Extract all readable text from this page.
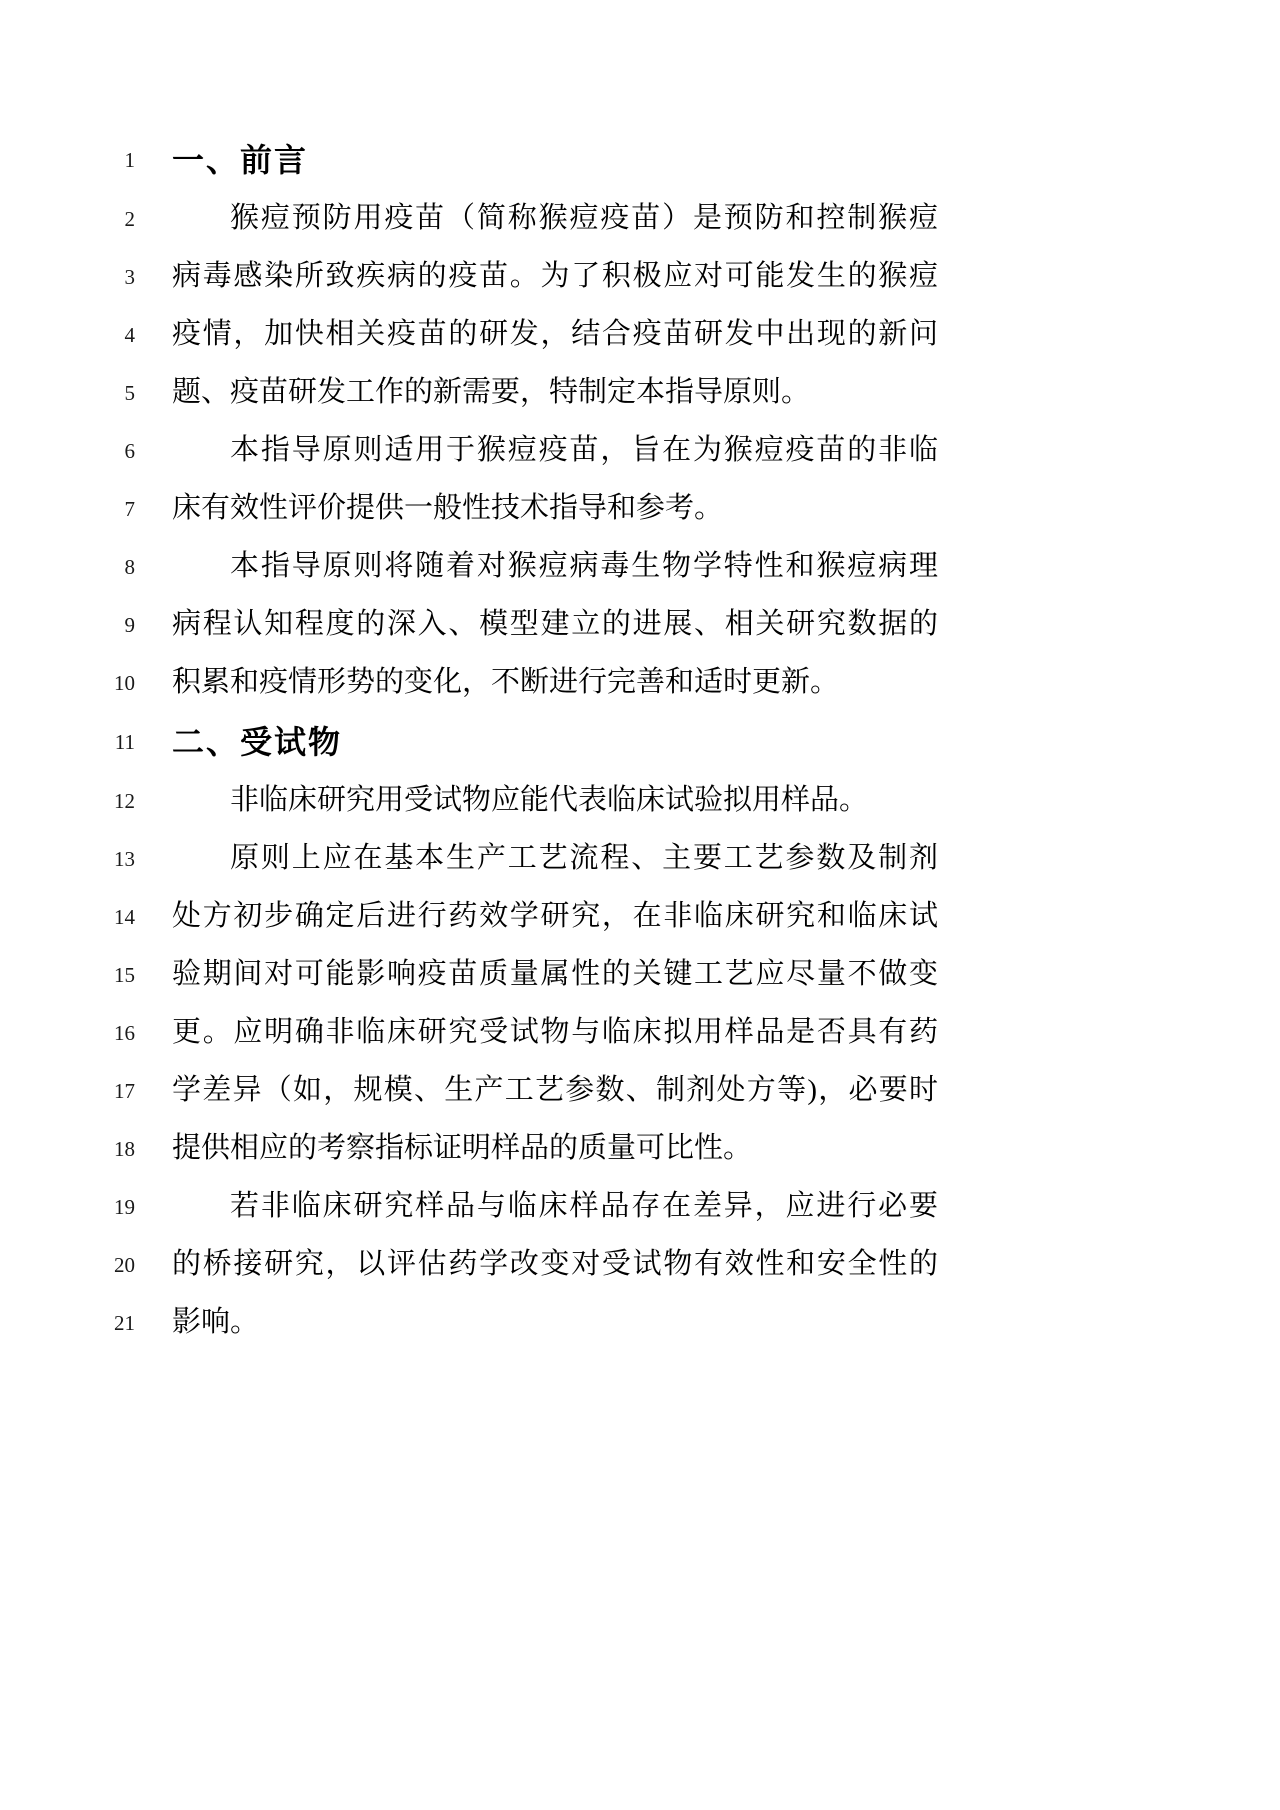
1 一、前言
2	猴痘预防用疫苗（简称猴痘疫苗）是预防和控制猴痘
3 病毒感染所致疾病的疫苗。为了积极应对可能发生的猴痘
4 疫情，加快相关疫苗的研发，结合疫苗研发中出现的新问
5 题、疫苗研发工作的新需要，特制定本指导原则。
6	本指导原则适用于猴痘疫苗，旨在为猴痘疫苗的非临
7 床有效性评价提供一般性技术指导和参考。
8	本指导原则将随着对猴痘病毒生物学特性和猴痘病理
9 病程认知程度的深入、模型建立的进展、相关研究数据的
10 积累和疫情形势的变化，不断进行完善和适时更新。
11 二、受试物
12	非临床研究用受试物应能代表临床试验拟用样品。
13	原则上应在基本生产工艺流程、主要工艺参数及制剂
14 处方初步确定后进行药效学研究，在非临床研究和临床试
15 验期间对可能影响疫苗质量属性的关键工艺应尽量不做变
16 更。应明确非临床研究受试物与临床拟用样品是否具有药
17 学差异（如，规模、生产工艺参数、制剂处方等)，必要时
18 提供相应的考察指标证明样品的质量可比性。
19	若非临床研究样品与临床样品存在差异，应进行必要
20 的桥接研究，以评估药学改变对受试物有效性和安全性的
21 影响。
